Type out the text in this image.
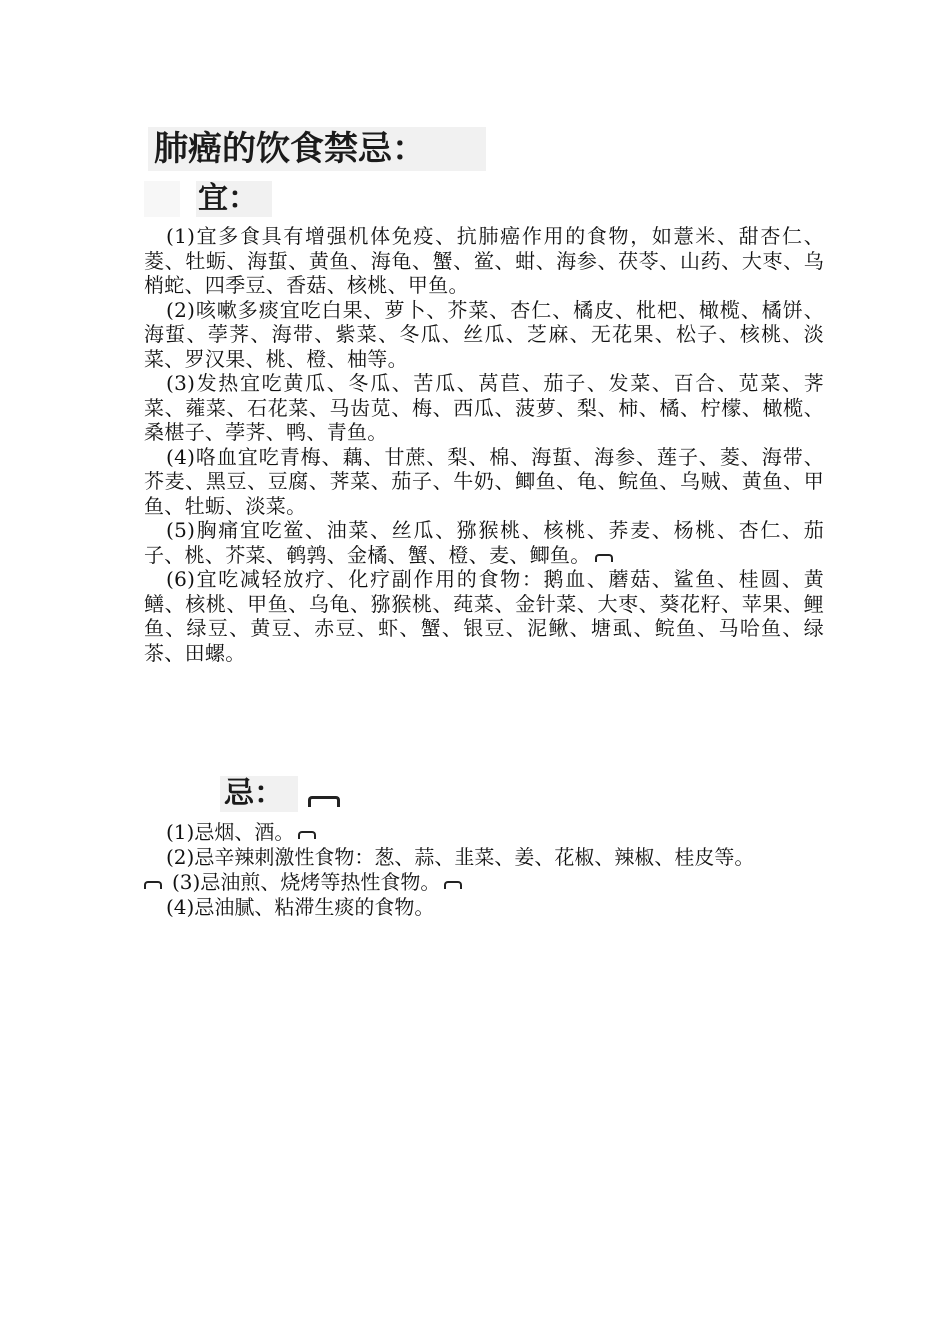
肺癌的饮食禁忌：
宜：

(1)宜多食具有增强机体免疫、抗肺癌作用的食物，如薏米、甜杏仁、菱、牡蛎、海蜇、黄鱼、海龟、蟹、鲎、蚶、海参、茯苓、山药、大枣、乌梢蛇、四季豆、香菇、核桃、甲鱼。

(2)咳嗽多痰宜吃白果、萝卜、芥菜、杏仁、橘皮、枇杷、橄榄、橘饼、海蜇、荸荠、海带、紫菜、冬瓜、丝瓜、芝麻、无花果、松子、核桃、淡菜、罗汉果、桃、橙、柚等。

(3)发热宜吃黄瓜、冬瓜、苦瓜、莴苣、茄子、发菜、百合、苋菜、荠菜、蕹菜、石花菜、马齿苋、梅、西瓜、菠萝、梨、柿、橘、柠檬、橄榄、桑椹子、荸荠、鸭、青鱼。

(4)咯血宜吃青梅、藕、甘蔗、梨、棉、海蜇、海参、莲子、菱、海带、芥麦、黑豆、豆腐、荠菜、茄子、牛奶、鲫鱼、龟、鲩鱼、乌贼、黄鱼、甲鱼、牡蛎、淡菜。

(5)胸痛宜吃鲎、油菜、丝瓜、猕猴桃、核桃、荞麦、杨桃、杏仁、茄子、桃、芥菜、鹌鹑、金橘、蟹、橙、麦、鲫鱼。

(6)宜吃减轻放疗、化疗副作用的食物：鹅血、蘑菇、鲨鱼、桂圆、黄鳝、核桃、甲鱼、乌龟、猕猴桃、莼菜、金针菜、大枣、葵花籽、苹果、鲤鱼、绿豆、黄豆、赤豆、虾、蟹、银豆、泥鳅、塘虱、鲩鱼、马哈鱼、绿茶、田螺。

忌：

(1)忌烟、酒。

(2)忌辛辣刺激性食物：葱、蒜、韭菜、姜、花椒、辣椒、桂皮等。

(3)忌油煎、烧烤等热性食物。

(4)忌油腻、粘滞生痰的食物。
